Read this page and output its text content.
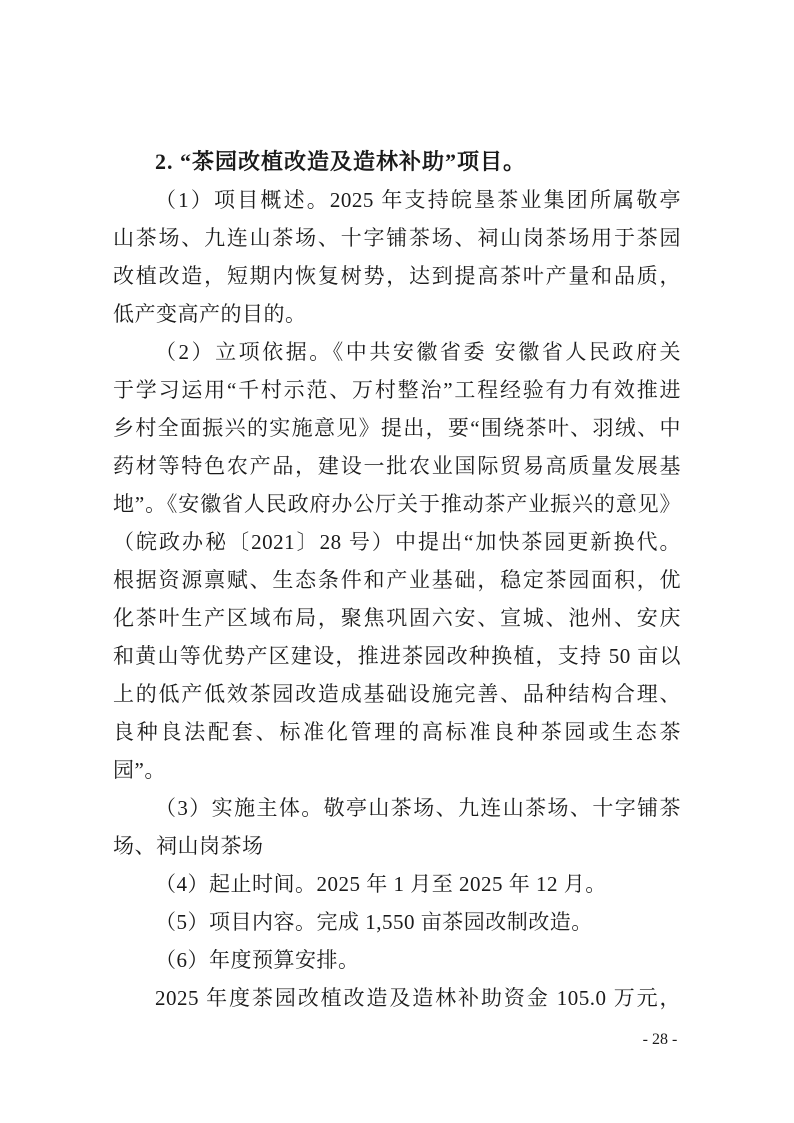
2. “茶园改植改造及造林补助”项目。
（1）项目概述。2025 年支持皖垦茶业集团所属敬亭
山茶场、九连山茶场、十字铺茶场、祠山岗茶场用于茶园
改植改造，短期内恢复树势，达到提高茶叶产量和品质，
低产变高产的目的。
（2）立项依据。《中共安徽省委 安徽省人民政府关
于学习运用“千村示范、万村整治”工程经验有力有效推进
乡村全面振兴的实施意见》提出，要“围绕茶叶、羽绒、中
药材等特色农产品，建设一批农业国际贸易高质量发展基
地”。《安徽省人民政府办公厅关于推动茶产业振兴的意见》
（皖政办秘〔2021〕28 号）中提出“加快茶园更新换代。
根据资源禀赋、生态条件和产业基础，稳定茶园面积，优
化茶叶生产区域布局，聚焦巩固六安、宣城、池州、安庆
和黄山等优势产区建设，推进茶园改种换植，支持 50 亩以
上的低产低效茶园改造成基础设施完善、品种结构合理、
良种良法配套、标准化管理的高标准良种茶园或生态茶
园”。
（3）实施主体。敬亭山茶场、九连山茶场、十字铺茶
场、祠山岗茶场
（4）起止时间。2025 年 1 月至 2025 年 12 月。
（5）项目内容。完成 1,550 亩茶园改制改造。
（6）年度预算安排。
2025 年度茶园改植改造及造林补助资金 105.0 万元，
- 28 -
